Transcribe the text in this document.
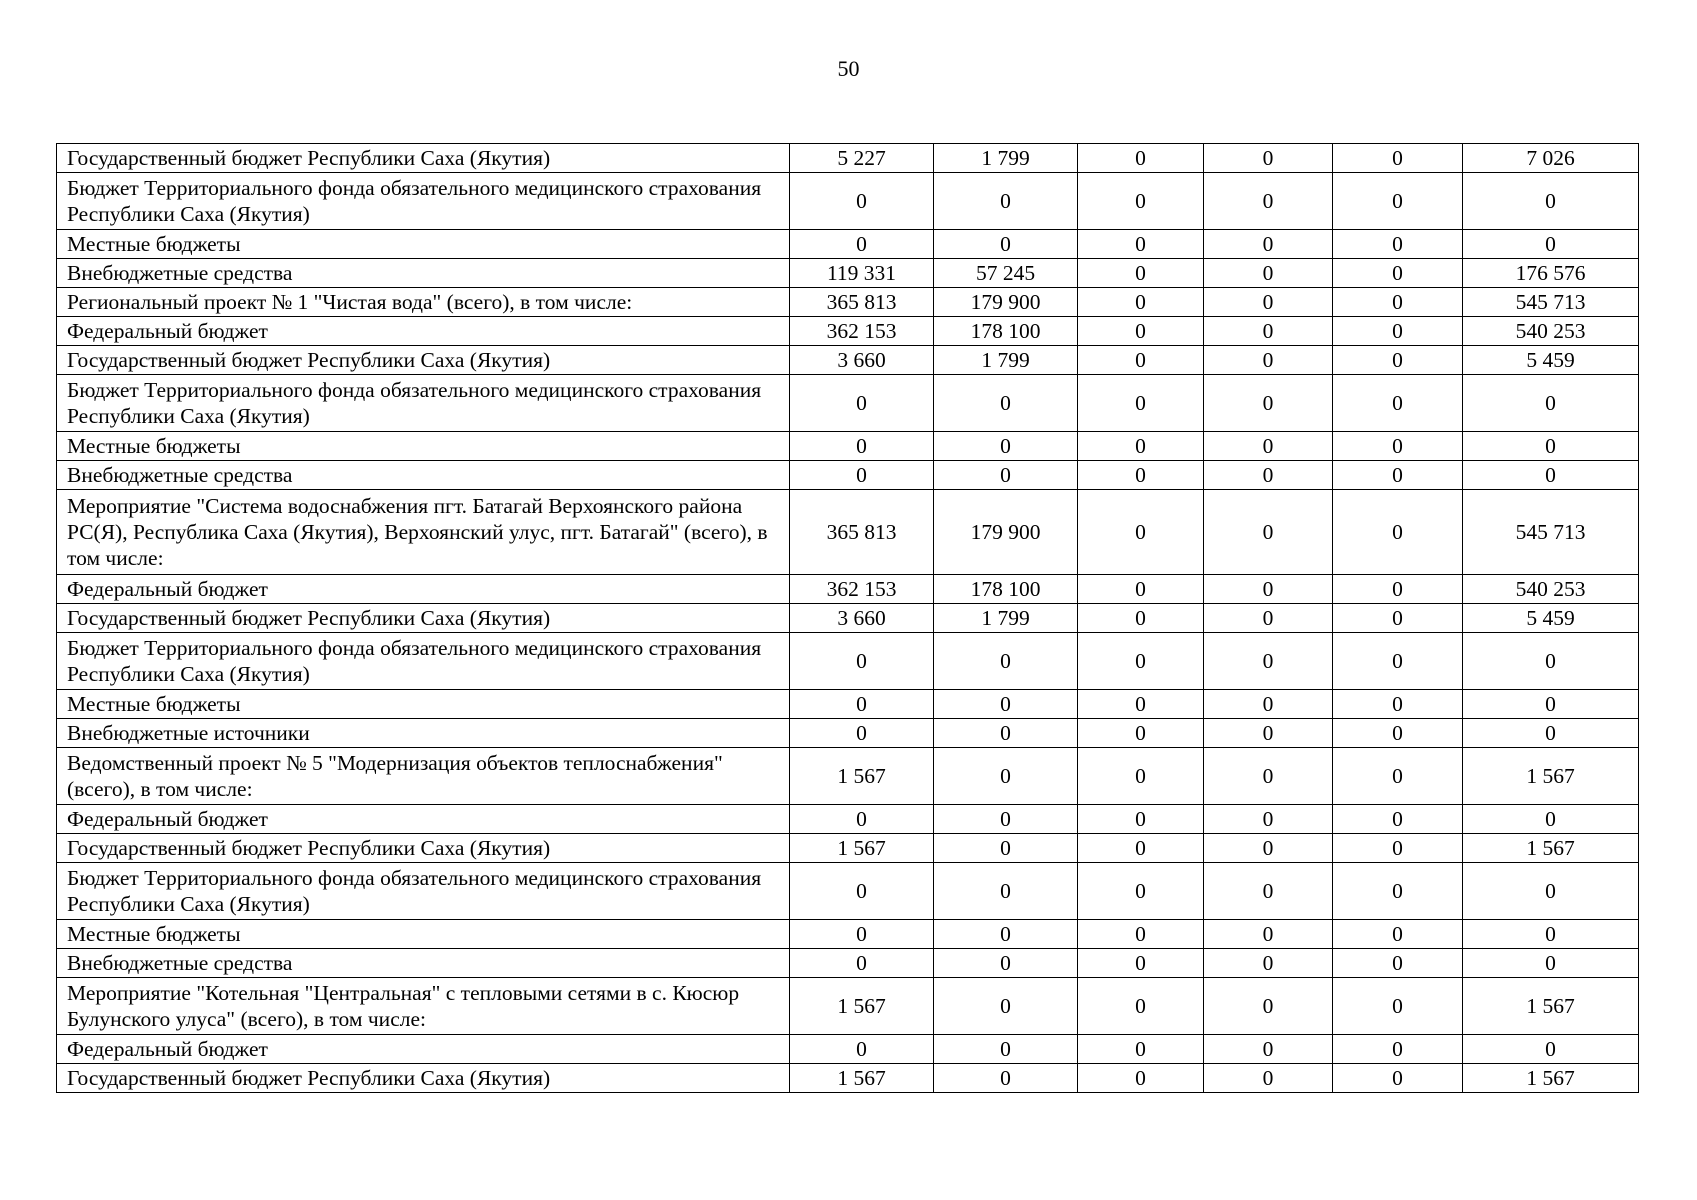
50
Государственный бюджет Республики Саха (Якутия)	5 227	1 799	0	0	0	7 026
Бюджет Территориального фонда обязательного медицинского страхования Республики Саха (Якутия)	0	0	0	0	0	0
Местные бюджеты	0	0	0	0	0	0
Внебюджетные средства	119 331	57 245	0	0	0	176 576
Региональный проект № 1 "Чистая вода" (всего), в том числе:	365 813	179 900	0	0	0	545 713
Федеральный бюджет	362 153	178 100	0	0	0	540 253
Государственный бюджет Республики Саха (Якутия)	3 660	1 799	0	0	0	5 459
Бюджет Территориального фонда обязательного медицинского страхования Республики Саха (Якутия)	0	0	0	0	0	0
Местные бюджеты	0	0	0	0	0	0
Внебюджетные средства	0	0	0	0	0	0
Мероприятие "Система водоснабжения пгт. Батагай Верхоянского района РС(Я), Республика Саха (Якутия), Верхоянский улус, пгт. Батагай" (всего), в том числе:	365 813	179 900	0	0	0	545 713
Федеральный бюджет	362 153	178 100	0	0	0	540 253
Государственный бюджет Республики Саха (Якутия)	3 660	1 799	0	0	0	5 459
Бюджет Территориального фонда обязательного медицинского страхования Республики Саха (Якутия)	0	0	0	0	0	0
Местные бюджеты	0	0	0	0	0	0
Внебюджетные источники	0	0	0	0	0	0
Ведомственный проект № 5 "Модернизация объектов теплоснабжения" (всего), в том числе:	1 567	0	0	0	0	1 567
Федеральный бюджет	0	0	0	0	0	0
Государственный бюджет Республики Саха (Якутия)	1 567	0	0	0	0	1 567
Бюджет Территориального фонда обязательного медицинского страхования Республики Саха (Якутия)	0	0	0	0	0	0
Местные бюджеты	0	0	0	0	0	0
Внебюджетные средства	0	0	0	0	0	0
Мероприятие "Котельная "Центральная" с тепловыми сетями в с. Кюсюр Булунского улуса" (всего), в том числе:	1 567	0	0	0	0	1 567
Федеральный бюджет	0	0	0	0	0	0
Государственный бюджет Республики Саха (Якутия)	1 567	0	0	0	0	1 567
